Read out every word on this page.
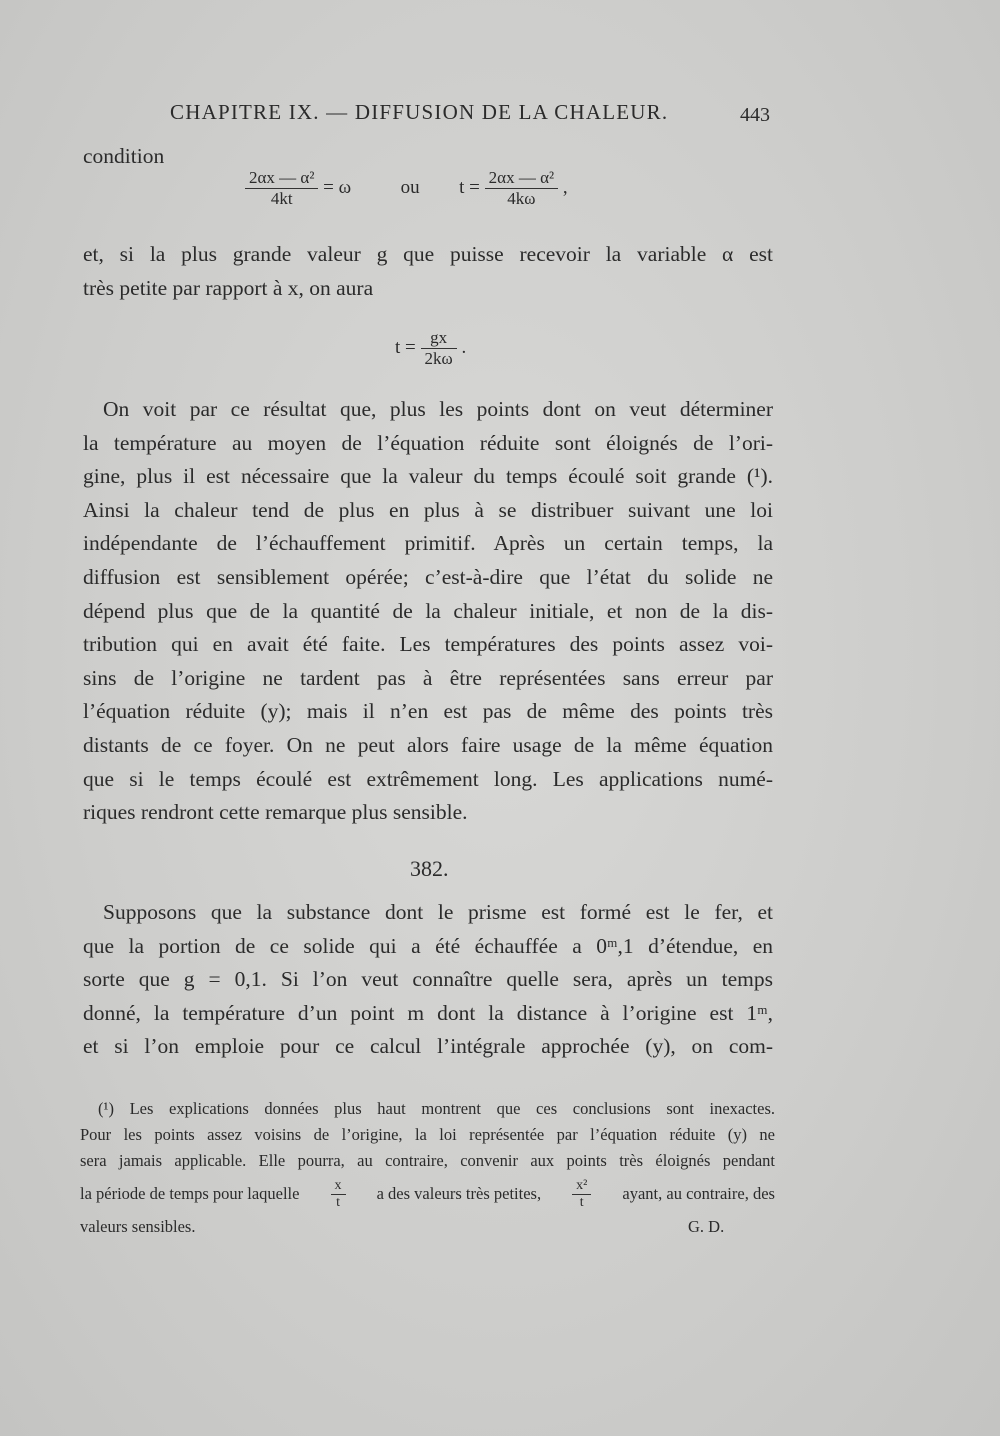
CHAPITRE IX. — DIFFUSION DE LA CHALEUR.	443
condition
$\frac{\text{2αx — α²}}{4kt} = \omega$	ou $t = \frac{\text{2αx — α²}}{4k\omega}$ ,
et, si la plus grande valeur g que puisse recevoir la variable α est
très petite par rapport à x, on aura
$t = \frac{gx}{2k\omega}$ .
On voit par ce résultat que, plus les points dont on veut déterminer
la température au moyen de l’équation réduite sont éloignés de l’ori-
gine, plus il est nécessaire que la valeur du temps écoulé soit grande (¹).
Ainsi la chaleur tend de plus en plus à se distribuer suivant une loi
indépendante de l’échauffement primitif. Après un certain temps, la
diffusion est sensiblement opérée; c’est-à-dire que l’état du solide ne
dépend plus que de la quantité de la chaleur initiale, et non de la dis-
tribution qui en avait été faite. Les températures des points assez voi-
sins de l’origine ne tardent pas à être représentées sans erreur par
l’équation réduite (y); mais il n’en est pas de même des points très
distants de ce foyer. On ne peut alors faire usage de la même équation
que si le temps écoulé est extrêmement long. Les applications numé-
riques rendront cette remarque plus sensible.
382.
Supposons que la substance dont le prisme est formé est le fer, et
que la portion de ce solide qui a été échauffée a 0ᵐ,1 d’étendue, en
sorte que g = 0,1. Si l’on veut connaître quelle sera, après un temps
donné, la température d’un point m dont la distance à l’origine est 1ᵐ,
et si l’on emploie pour ce calcul l’intégrale approchée (y), on com-
(¹) Les explications données plus haut montrent que ces conclusions sont inexactes.
Pour les points assez voisins de l’origine, la loi représentée par l’équation réduite (y) ne
sera jamais applicable. Elle pourra, au contraire, convenir aux points très éloignés pendant
la période de temps pour laquelle $\frac{x}{t}$ a des valeurs très petites, $\frac{\text{x²}}{t}$ ayant, au contraire, des
valeurs sensibles.	G. D.
